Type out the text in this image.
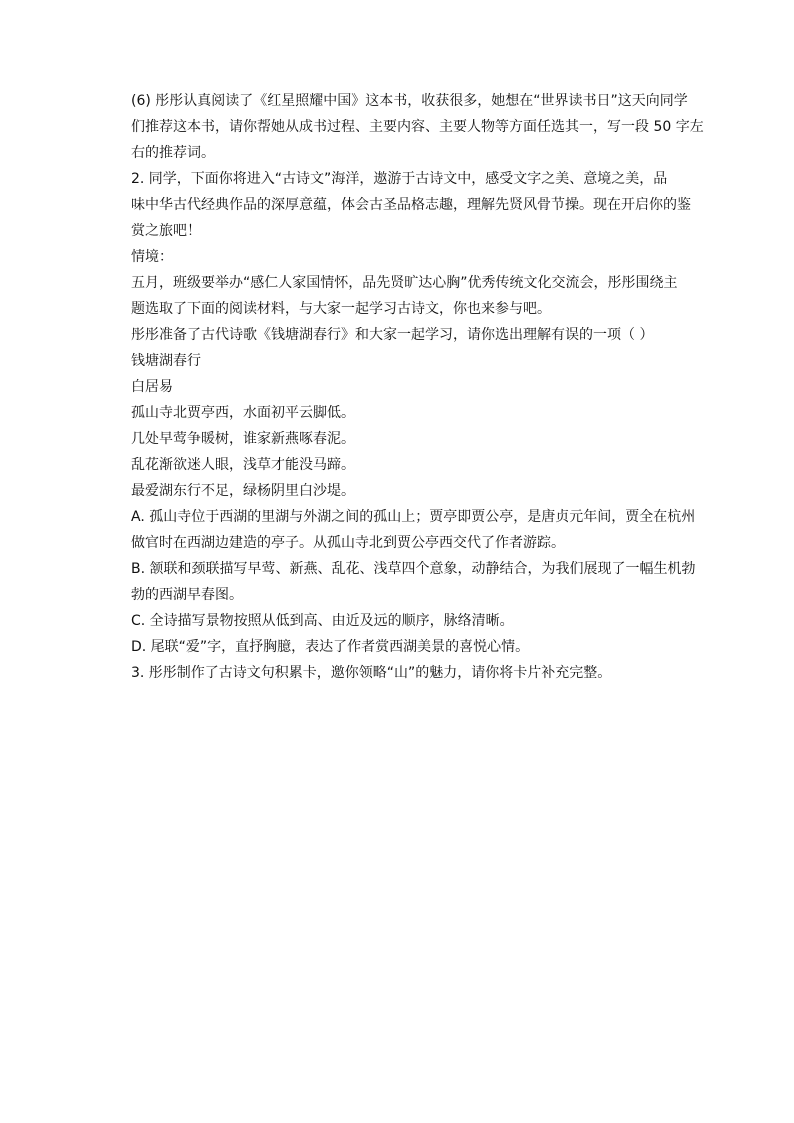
(6) 彤彤认真阅读了《红星照耀中国》这本书，收获很多，她想在“世界读书日”这天向同学
们推荐这本书，请你帮她从成书过程、主要内容、主要人物等方面任选其一，写一段 50 字左
右的推荐词。
2. 同学，下面你将进入“古诗文”海洋，遨游于古诗文中，感受文字之美、意境之美，品
味中华古代经典作品的深厚意蕴，体会古圣品格志趣，理解先贤风骨节操。现在开启你的鉴
赏之旅吧！
情境：
五月，班级要举办“感仁人家国情怀，品先贤旷达心胸”优秀传统文化交流会，彤彤围绕主
题选取了下面的阅读材料，与大家一起学习古诗文，你也来参与吧。
彤彤准备了古代诗歌《钱塘湖春行》和大家一起学习，请你选出理解有误的一项（ ）
钱塘湖春行
白居易
孤山寺北贾亭西，水面初平云脚低。
几处早莺争暖树，谁家新燕啄春泥。
乱花渐欲迷人眼，浅草才能没马蹄。
最爱湖东行不足，绿杨阴里白沙堤。
A. 孤山寺位于西湖的里湖与外湖之间的孤山上；贾亭即贾公亭，是唐贞元年间，贾全在杭州
做官时在西湖边建造的亭子。从孤山寺北到贾公亭西交代了作者游踪。
B. 颔联和颈联描写早莺、新燕、乱花、浅草四个意象，动静结合，为我们展现了一幅生机勃
勃的西湖早春图。
C. 全诗描写景物按照从低到高、由近及远的顺序，脉络清晰。
D. 尾联“爱”字，直抒胸臆，表达了作者赏西湖美景的喜悦心情。
3. 彤彤制作了古诗文句积累卡，邀你领略“山”的魅力，请你将卡片补充完整。
